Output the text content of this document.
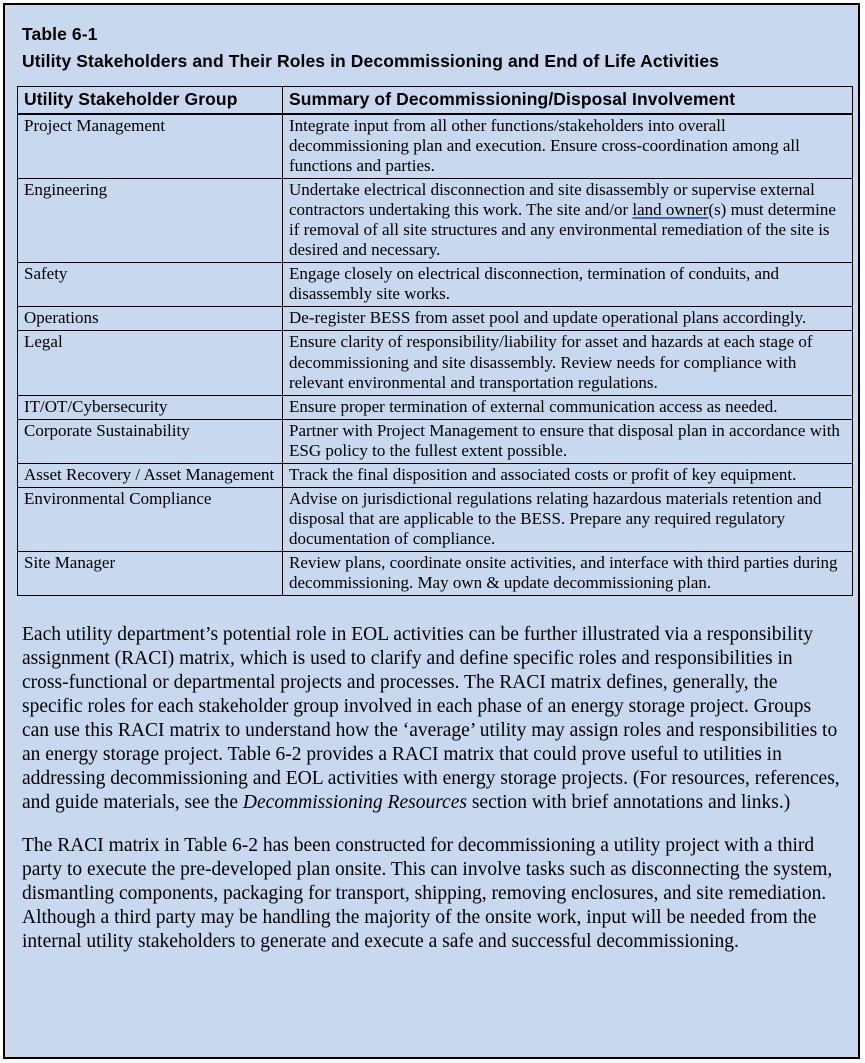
Table 6-1
Utility Stakeholders and Their Roles in Decommissioning and End of Life Activities
Utility Stakeholder Group	Summary of Decommissioning/Disposal Involvement
Project Management	Integrate input from all other functions/stakeholders into overall decommissioning plan and execution. Ensure cross-coordination among all functions and parties.
Engineering	Undertake electrical disconnection and site disassembly or supervise external contractors undertaking this work. The site and/or land owner(s) must determine if removal of all site structures and any environmental remediation of the site is desired and necessary.
Safety	Engage closely on electrical disconnection, termination of conduits, and disassembly site works.
Operations	De-register BESS from asset pool and update operational plans accordingly.
Legal	Ensure clarity of responsibility/liability for asset and hazards at each stage of decommissioning and site disassembly. Review needs for compliance with relevant environmental and transportation regulations.
IT/OT/Cybersecurity	Ensure proper termination of external communication access as needed.
Corporate Sustainability	Partner with Project Management to ensure that disposal plan in accordance with ESG policy to the fullest extent possible.
Asset Recovery / Asset Management	Track the final disposition and associated costs or profit of key equipment.
Environmental Compliance	Advise on jurisdictional regulations relating hazardous materials retention and disposal that are applicable to the BESS. Prepare any required regulatory documentation of compliance.
Site Manager	Review plans, coordinate onsite activities, and interface with third parties during decommissioning. May own & update decommissioning plan.

Each utility department’s potential role in EOL activities can be further illustrated via a responsibility assignment (RACI) matrix, which is used to clarify and define specific roles and responsibilities in cross-functional or departmental projects and processes. The RACI matrix defines, generally, the specific roles for each stakeholder group involved in each phase of an energy storage project. Groups can use this RACI matrix to understand how the ‘average’ utility may assign roles and responsibilities to an energy storage project. Table 6-2 provides a RACI matrix that could prove useful to utilities in addressing decommissioning and EOL activities with energy storage projects. (For resources, references, and guide materials, see the Decommissioning Resources section with brief annotations and links.)

The RACI matrix in Table 6-2 has been constructed for decommissioning a utility project with a third party to execute the pre-developed plan onsite. This can involve tasks such as disconnecting the system, dismantling components, packaging for transport, shipping, removing enclosures, and site remediation. Although a third party may be handling the majority of the onsite work, input will be needed from the internal utility stakeholders to generate and execute a safe and successful decommissioning.
